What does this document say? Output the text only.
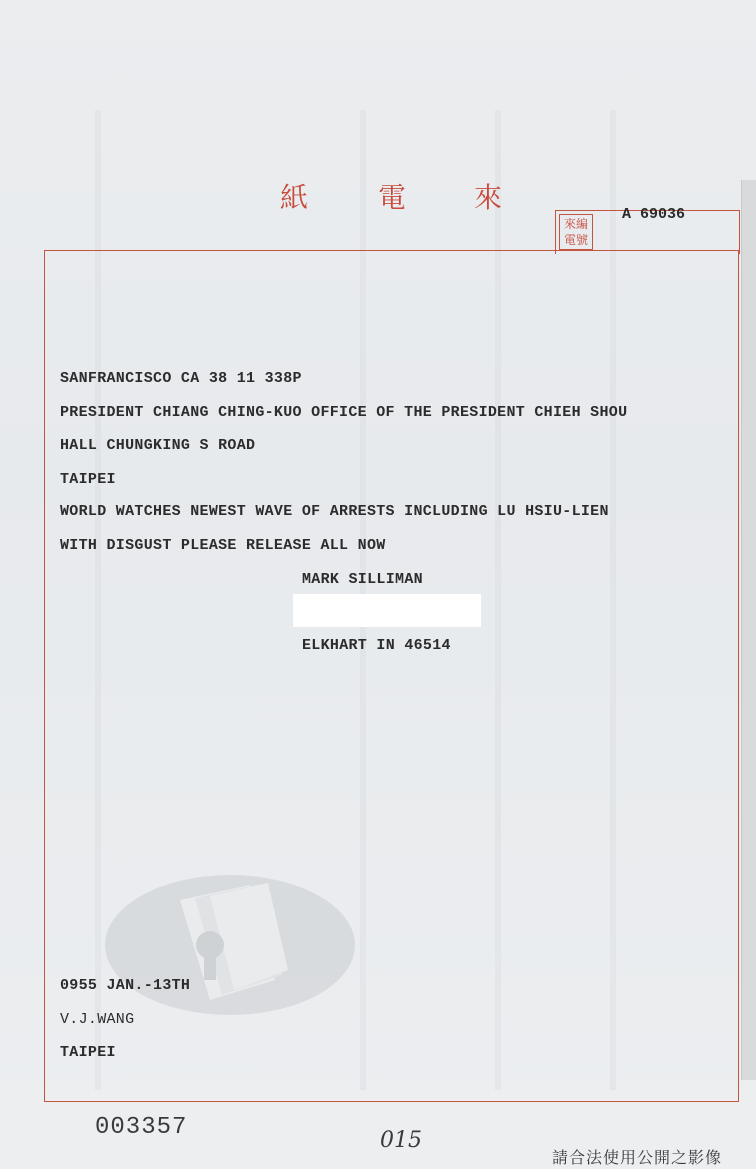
紙 電 來
來編電號
A 69036
SANFRANCISCO CA 38 11 338P
PRESIDENT CHIANG CHING-KUO OFFICE OF THE PRESIDENT CHIEH SHOU
HALL CHUNGKING S ROAD
TAIPEI
WORLD WATCHES NEWEST WAVE OF ARRESTS INCLUDING LU HSIU-LIEN
WITH DISGUST PLEASE RELEASE ALL NOW
MARK SILLIMAN
ELKHART IN 46514
0955 JAN.-13TH
V.J.WANG
TAIPEI
003357	015
請合法使用公開之影像
